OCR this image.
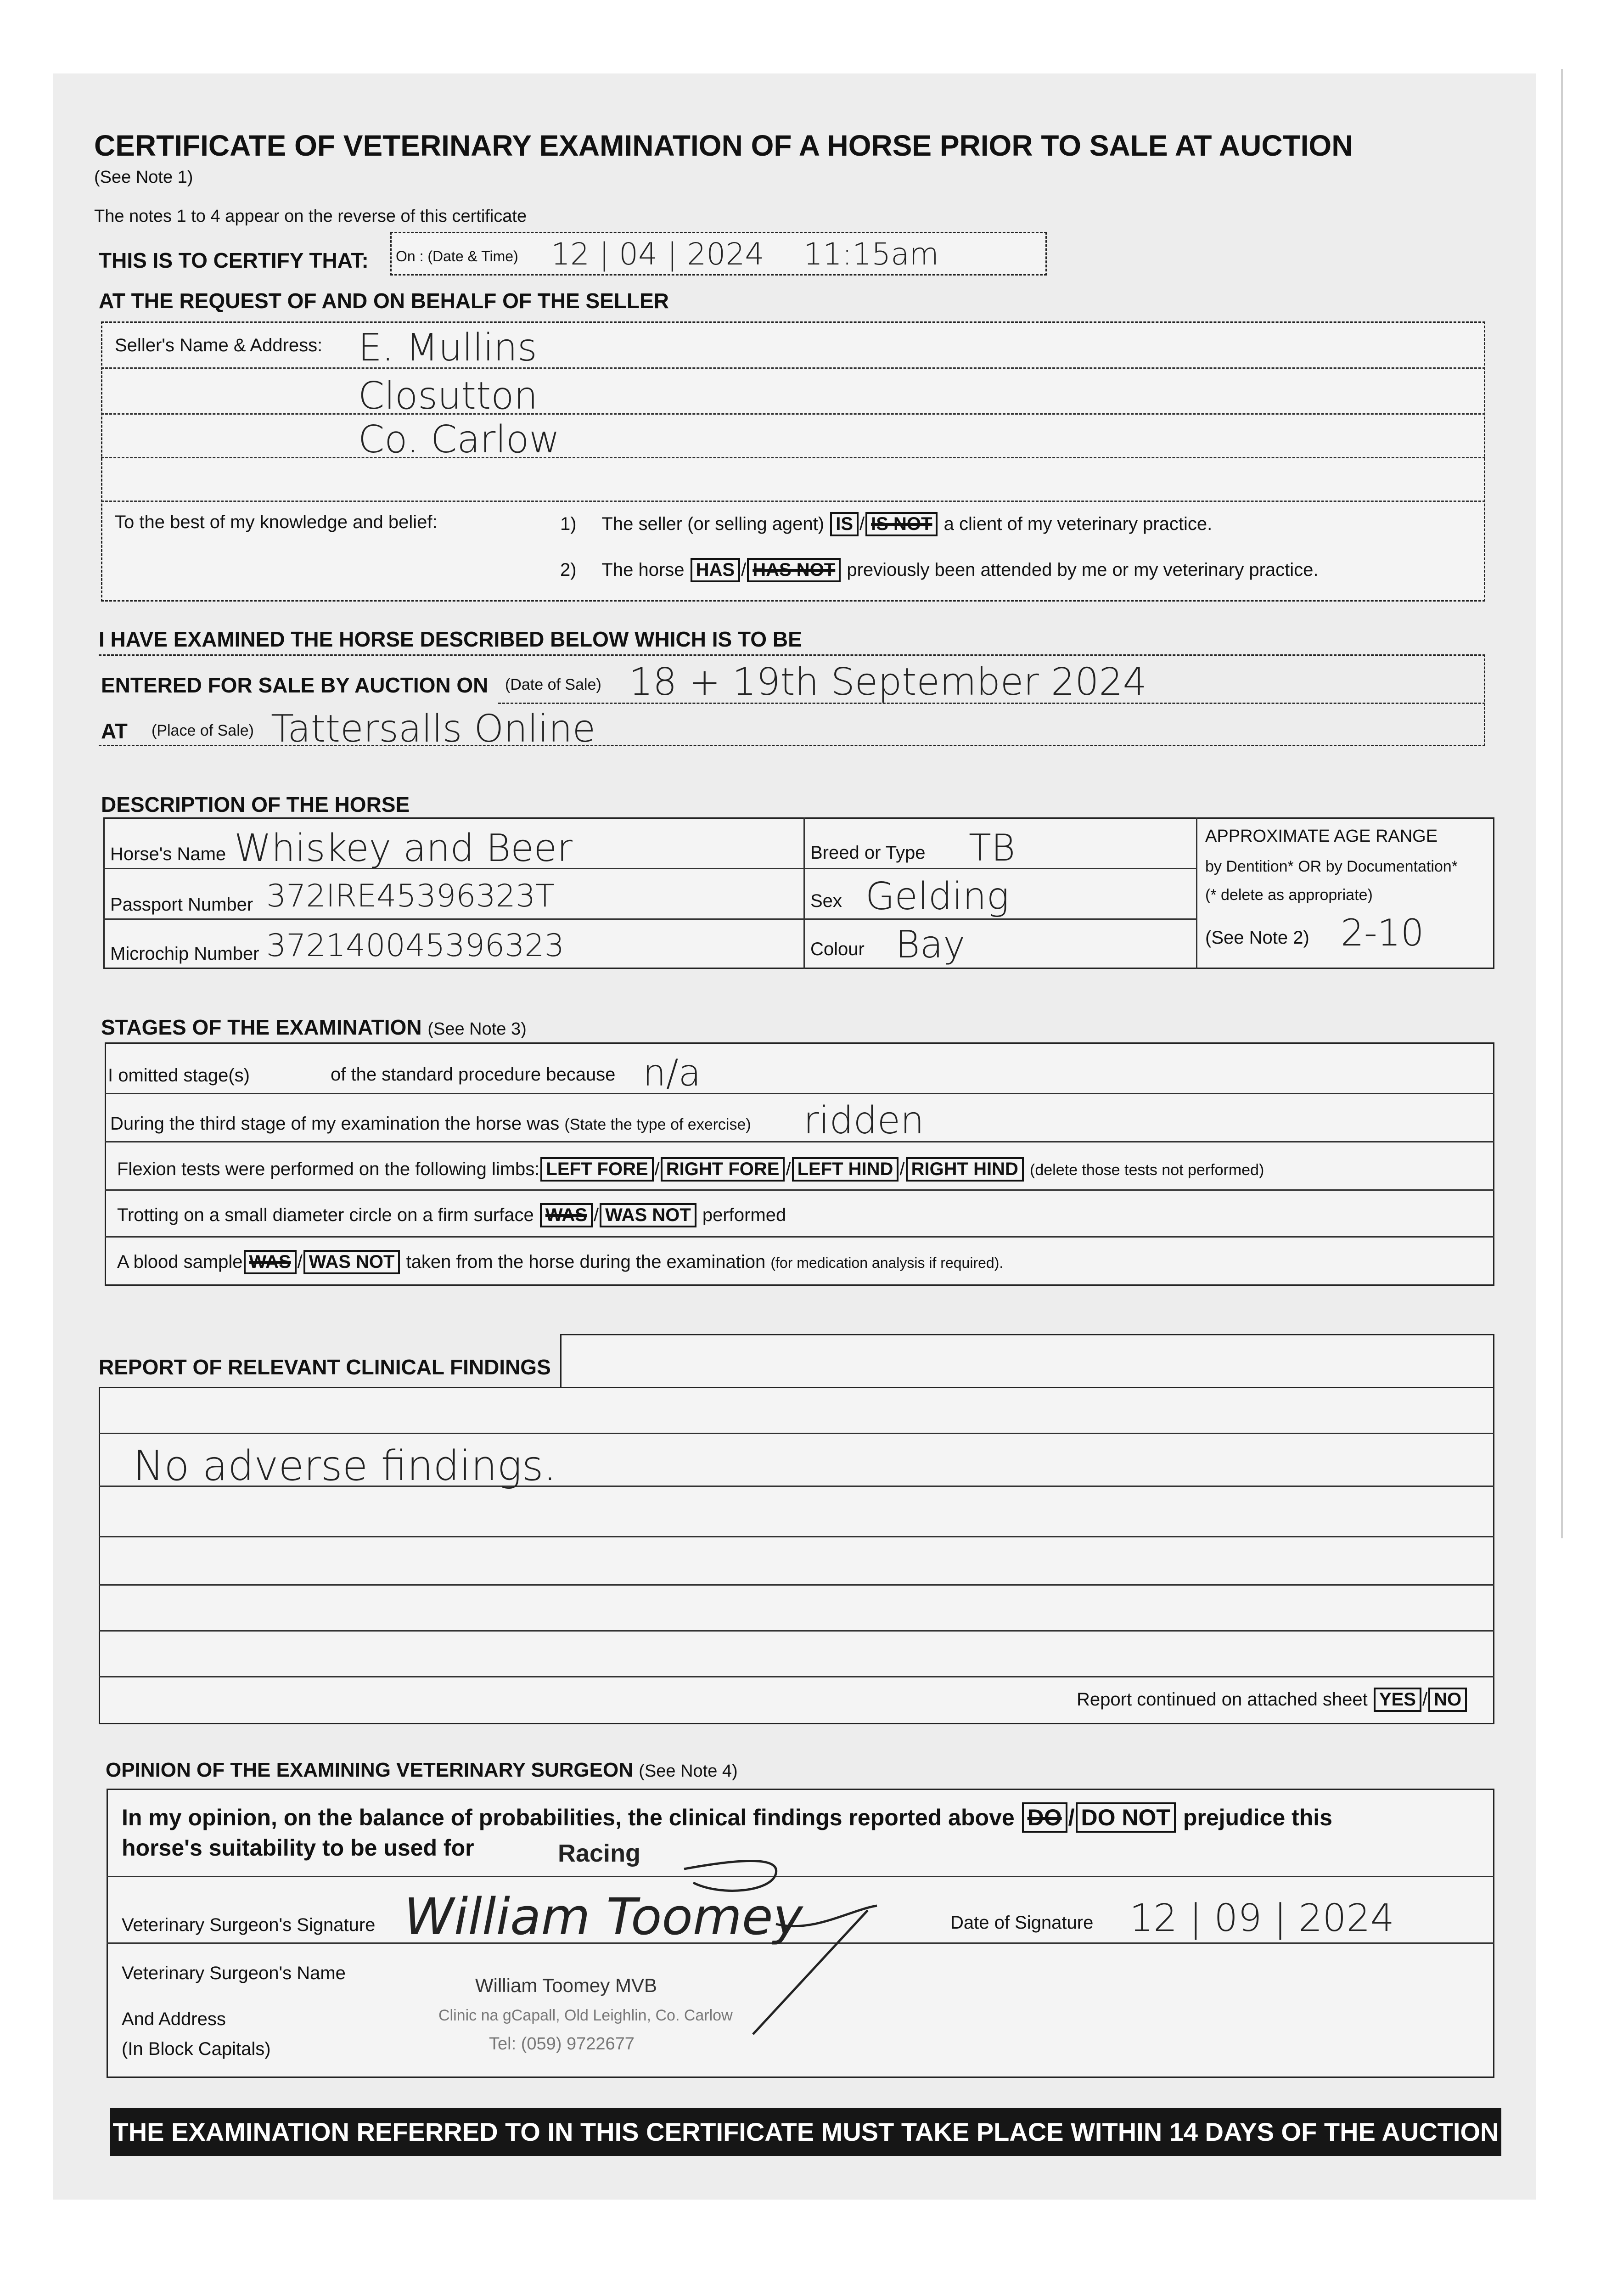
CERTIFICATE OF VETERINARY EXAMINATION OF A HORSE PRIOR TO SALE AT AUCTION
(See Note 1)
The notes 1 to 4 appear on the reverse of this certificate
THIS IS TO CERTIFY THAT: On : (Date & Time) 12 | 04 | 2024 11:15am
AT THE REQUEST OF AND ON BEHALF OF THE SELLER
Seller's Name & Address: E. Mullins
Closutton
Co. Carlow
To the best of my knowledge and belief:	1) The seller (or selling agent) IS / IS NOT a client of my veterinary practice.
2) The horse HAS / HAS NOT previously been attended by me or my veterinary practice.
I HAVE EXAMINED THE HORSE DESCRIBED BELOW WHICH IS TO BE
ENTERED FOR SALE BY AUCTION ON (Date of Sale) 18 + 19th September 2024
AT (Place of Sale) Tattersalls Online
DESCRIPTION OF THE HORSE
Horse's Name Whiskey and Beer
Passport Number 372IRE45396323T
Microchip Number 372140045396323
Breed or Type TB
Sex Gelding
Colour Bay
APPROXIMATE AGE RANGE
by Dentition* OR by Documentation*
(* delete as appropriate)
(See Note 2) 2-10
STAGES OF THE EXAMINATION (See Note 3)
I omitted stage(s)	of the standard procedure because n/a
During the third stage of my examination the horse was (State the type of exercise) ridden
Flexion tests were performed on the following limbs: LEFT FORE / RIGHT FORE / LEFT HIND / RIGHT HIND (delete those tests not performed)
Trotting on a small diameter circle on a firm surface WAS / WAS NOT performed
A blood sample WAS / WAS NOT taken from the horse during the examination (for medication analysis if required).
REPORT OF RELEVANT CLINICAL FINDINGS
No adverse findings.
Report continued on attached sheet YES / NO
OPINION OF THE EXAMINING VETERINARY SURGEON (See Note 4)
In my opinion, on the balance of probabilities, the clinical findings reported above DO / DO NOT prejudice this
horse's suitability to be used for	Racing
Veterinary Surgeon's Signature William Toomey	Date of Signature 12 | 09 | 2024
Veterinary Surgeon's Name
And Address
(In Block Capitals)
William Toomey MVB
Clinic na gCapall, Old Leighlin, Co. Carlow
Tel: (059) 9722677
THE EXAMINATION REFERRED TO IN THIS CERTIFICATE MUST TAKE PLACE WITHIN 14 DAYS OF THE AUCTION
